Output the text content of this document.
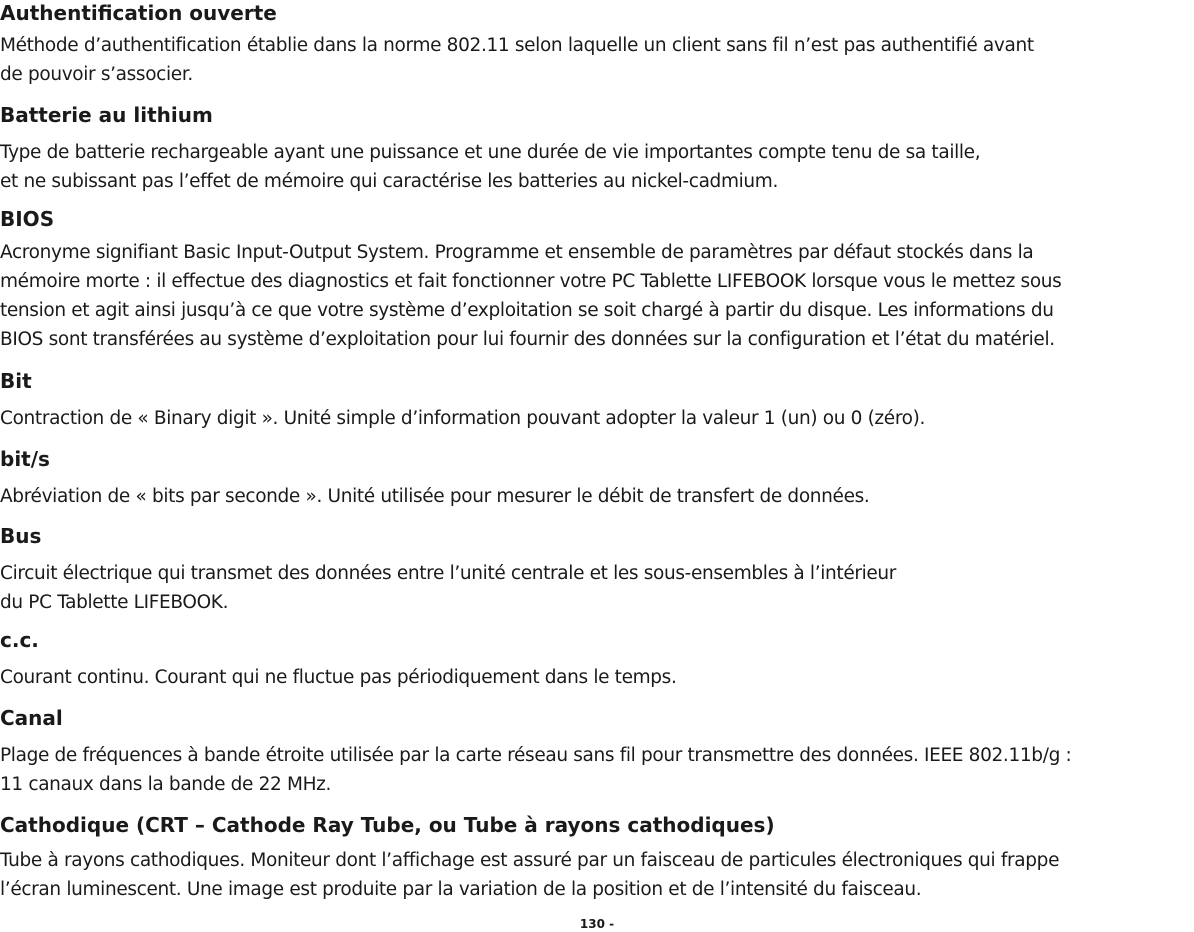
Authentification ouverte

Méthode d’authentification établie dans la norme 802.11 selon laquelle un client sans fil n’est pas authentifié avant
de pouvoir s’associer.

Batterie au lithium

Type de batterie rechargeable ayant une puissance et une durée de vie importantes compte tenu de sa taille,
et ne subissant pas l’effet de mémoire qui caractérise les batteries au nickel-cadmium.

BIOS

Acronyme signifiant Basic Input-Output System. Programme et ensemble de paramètres par défaut stockés dans la
mémoire morte : il effectue des diagnostics et fait fonctionner votre PC Tablette LIFEBOOK lorsque vous le mettez sous
tension et agit ainsi jusqu’à ce que votre système d’exploitation se soit chargé à partir du disque. Les informations du
BIOS sont transférées au système d’exploitation pour lui fournir des données sur la configuration et l’état du matériel.

Bit

Contraction de « Binary digit ». Unité simple d’information pouvant adopter la valeur 1 (un) ou 0 (zéro).

bit/s

Abréviation de « bits par seconde ». Unité utilisée pour mesurer le débit de transfert de données.

Bus

Circuit électrique qui transmet des données entre l’unité centrale et les sous-ensembles à l’intérieur
du PC Tablette LIFEBOOK.

c.c.

Courant continu. Courant qui ne fluctue pas périodiquement dans le temps.

Canal

Plage de fréquences à bande étroite utilisée par la carte réseau sans fil pour transmettre des données. IEEE 802.11b/g :
11 canaux dans la bande de 22 MHz.

Cathodique (CRT – Cathode Ray Tube, ou Tube à rayons cathodiques)

Tube à rayons cathodiques. Moniteur dont l’affichage est assuré par un faisceau de particules électroniques qui frappe
l’écran luminescent. Une image est produite par la variation de la position et de l’intensité du faisceau.

130 -
